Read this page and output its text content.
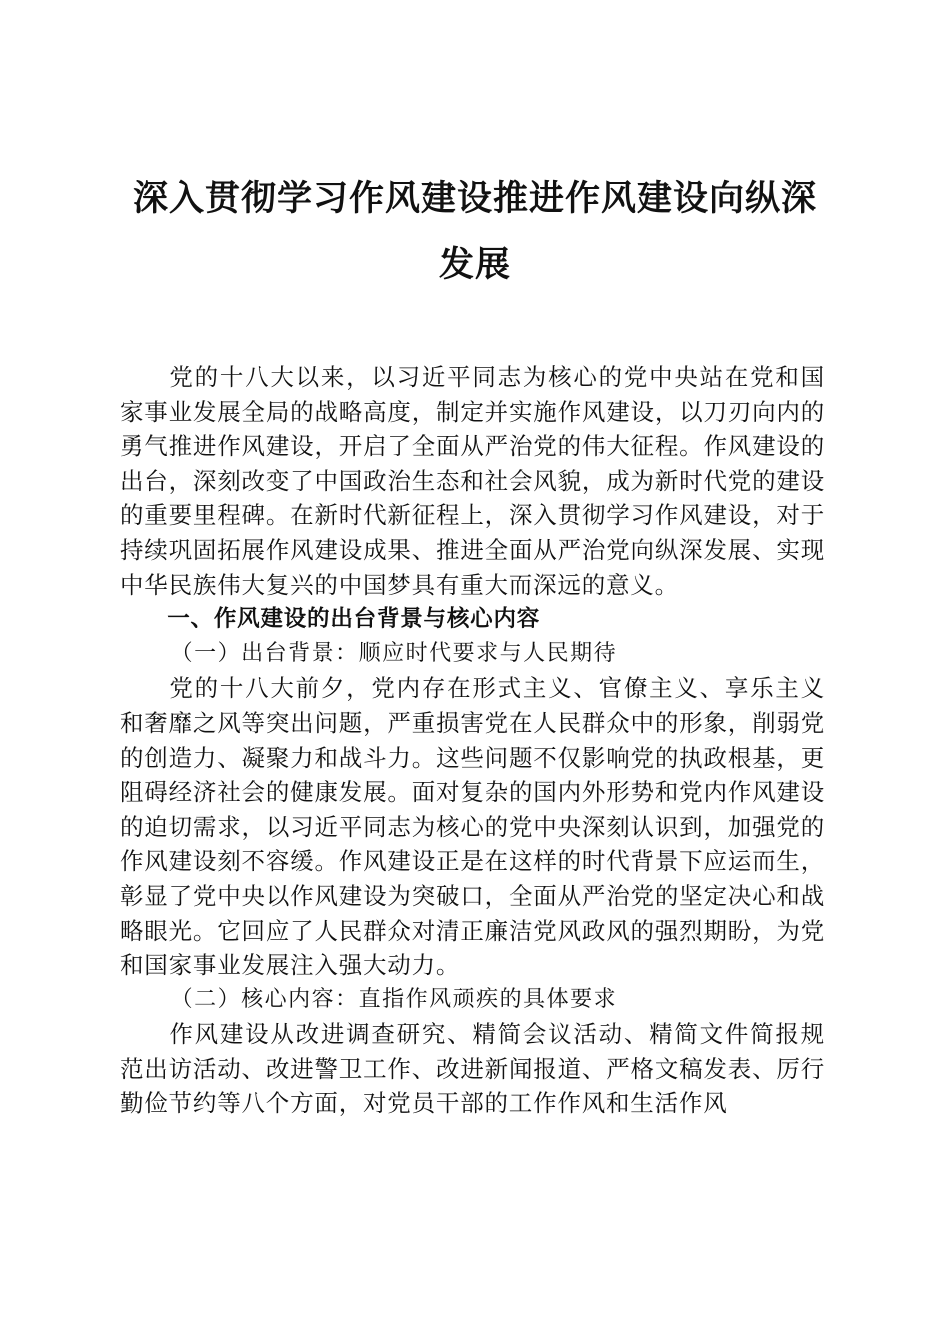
深入贯彻学习作风建设推进作风建设向纵深发展

党的十八大以来，以习近平同志为核心的党中央站在党和国家事业发展全局的战略高度，制定并实施作风建设，以刀刃向内的勇气推进作风建设，开启了全面从严治党的伟大征程。作风建设的出台，深刻改变了中国政治生态和社会风貌，成为新时代党的建设的重要里程碑。在新时代新征程上，深入贯彻学习作风建设，对于持续巩固拓展作风建设成果、推进全面从严治党向纵深发展、实现中华民族伟大复兴的中国梦具有重大而深远的意义。

一、作风建设的出台背景与核心内容

（一）出台背景：顺应时代要求与人民期待

党的十八大前夕，党内存在形式主义、官僚主义、享乐主义和奢靡之风等突出问题，严重损害党在人民群众中的形象，削弱党的创造力、凝聚力和战斗力。这些问题不仅影响党的执政根基，更阻碍经济社会的健康发展。面对复杂的国内外形势和党内作风建设的迫切需求，以习近平同志为核心的党中央深刻认识到，加强党的作风建设刻不容缓。作风建设正是在这样的时代背景下应运而生，彰显了党中央以作风建设为突破口，全面从严治党的坚定决心和战略眼光。它回应了人民群众对清正廉洁党风政风的强烈期盼，为党和国家事业发展注入强大动力。

（二）核心内容：直指作风顽疾的具体要求

作风建设从改进调查研究、精简会议活动、精简文件简报规范出访活动、改进警卫工作、改进新闻报道、严格文稿发表、厉行勤俭节约等八个方面，对党员干部的工作作风和生活作风
